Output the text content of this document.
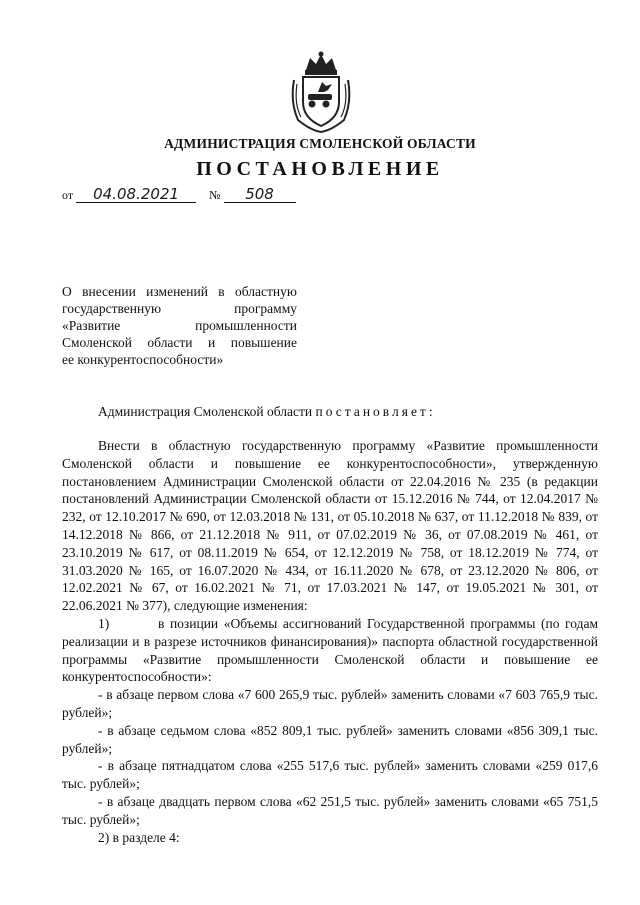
АДМИНИСТРАЦИЯ СМОЛЕНСКОЙ ОБЛАСТИ
ПОСТАНОВЛЕНИЕ
от 04.08.2021	№ 508
О внесении изменений в областную
государственную программу
«Развитие промышленности
Смоленской области и повышение
ее конкурентоспособности»
Администрация Смоленской области постановляет:

Внести в областную государственную программу «Развитие промышленности Смоленской области и повышение ее конкурентоспособности», утвержденную постановлением Администрации Смоленской области от 22.04.2016 № 235 (в редакции постановлений Администрации Смоленской области от 15.12.2016 № 744, от 12.04.2017 № 232, от 12.10.2017 № 690, от 12.03.2018 № 131, от 05.10.2018 № 637, от 11.12.2018 № 839, от 14.12.2018 № 866, от 21.12.2018 № 911, от 07.02.2019 № 36, от 07.08.2019 № 461, от 23.10.2019 № 617, от 08.11.2019 № 654, от 12.12.2019 № 758, от 18.12.2019 № 774, от 31.03.2020 № 165, от 16.07.2020 № 434, от 16.11.2020 № 678, от 23.12.2020 № 806, от 12.02.2021 № 67, от 16.02.2021 № 71, от 17.03.2021 № 147, от 19.05.2021 № 301, от 22.06.2021 № 377), следующие изменения:

1)	в позиции «Объемы ассигнований Государственной программы (по годам реализации и в разрезе источников финансирования)» паспорта областной государственной программы «Развитие промышленности Смоленской области и повышение ее конкурентоспособности»:

- в абзаце первом слова «7 600 265,9 тыс. рублей» заменить словами «7 603 765,9 тыс. рублей»;

- в абзаце седьмом слова «852 809,1 тыс. рублей» заменить словами «856 309,1 тыс. рублей»;

- в абзаце пятнадцатом слова «255 517,6 тыс. рублей» заменить словами «259 017,6 тыс. рублей»;

- в абзаце двадцать первом слова «62 251,5 тыс. рублей» заменить словами «65 751,5 тыс. рублей»;

2) в разделе 4:
